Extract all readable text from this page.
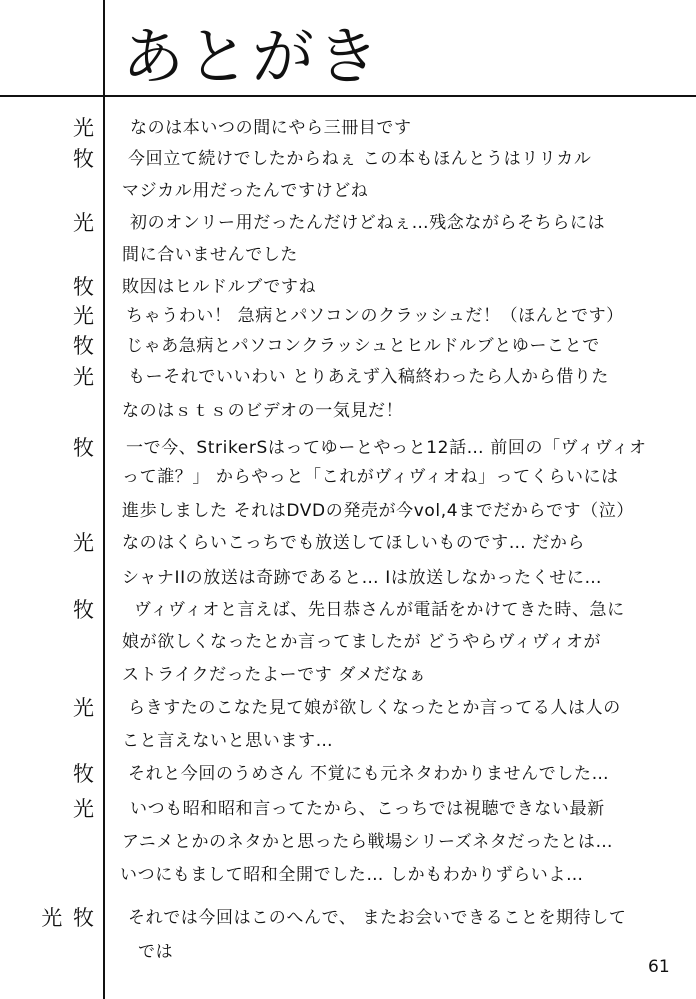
あとがき
光 なのは本いつの間にやら三冊目です
牧 今回立て続けでしたからねぇ この本もほんとうはリリカル
マジカル用だったんですけどね
光 初のオンリー用だったんだけどねぇ…残念ながらそちらには
間に合いませんでした
牧 敗因はヒルドルブですね
光 ちゃうわい！ 急病とパソコンのクラッシュだ！（ほんとです）
牧 じゃあ急病とパソコンクラッシュとヒルドルブとゆーことで
光 もーそれでいいわい とりあえず入稿終わったら人から借りた
なのはｓｔｓのビデオの一気見だ！
牧 一で今、StrikerSはってゆーとやっと12話… 前回の「ヴィヴィオ
って誰？」 からやっと「これがヴィヴィオね」ってくらいには
進歩しました それはDVDの発売が今vol,4までだからです（泣）
光 なのはくらいこっちでも放送してほしいものです… だから
シャナIIの放送は奇跡であると… Iは放送しなかったくせに…
牧 ヴィヴィオと言えば、先日恭さんが電話をかけてきた時、急に
娘が欲しくなったとか言ってましたが どうやらヴィヴィオが
ストライクだったよーです ダメだなぁ
光 らきすたのこなた見て娘が欲しくなったとか言ってる人は人の
こと言えないと思います…
牧 それと今回のうめさん 不覚にも元ネタわかりませんでした…
光 いつも昭和昭和言ってたから、こっちでは視聴できない最新
アニメとかのネタかと思ったら戦場シリーズネタだったとは…
いつにもまして昭和全開でした… しかもわかりずらいよ…
光 牧 それでは今回はこのへんで、 またお会いできることを期待して
では
61
